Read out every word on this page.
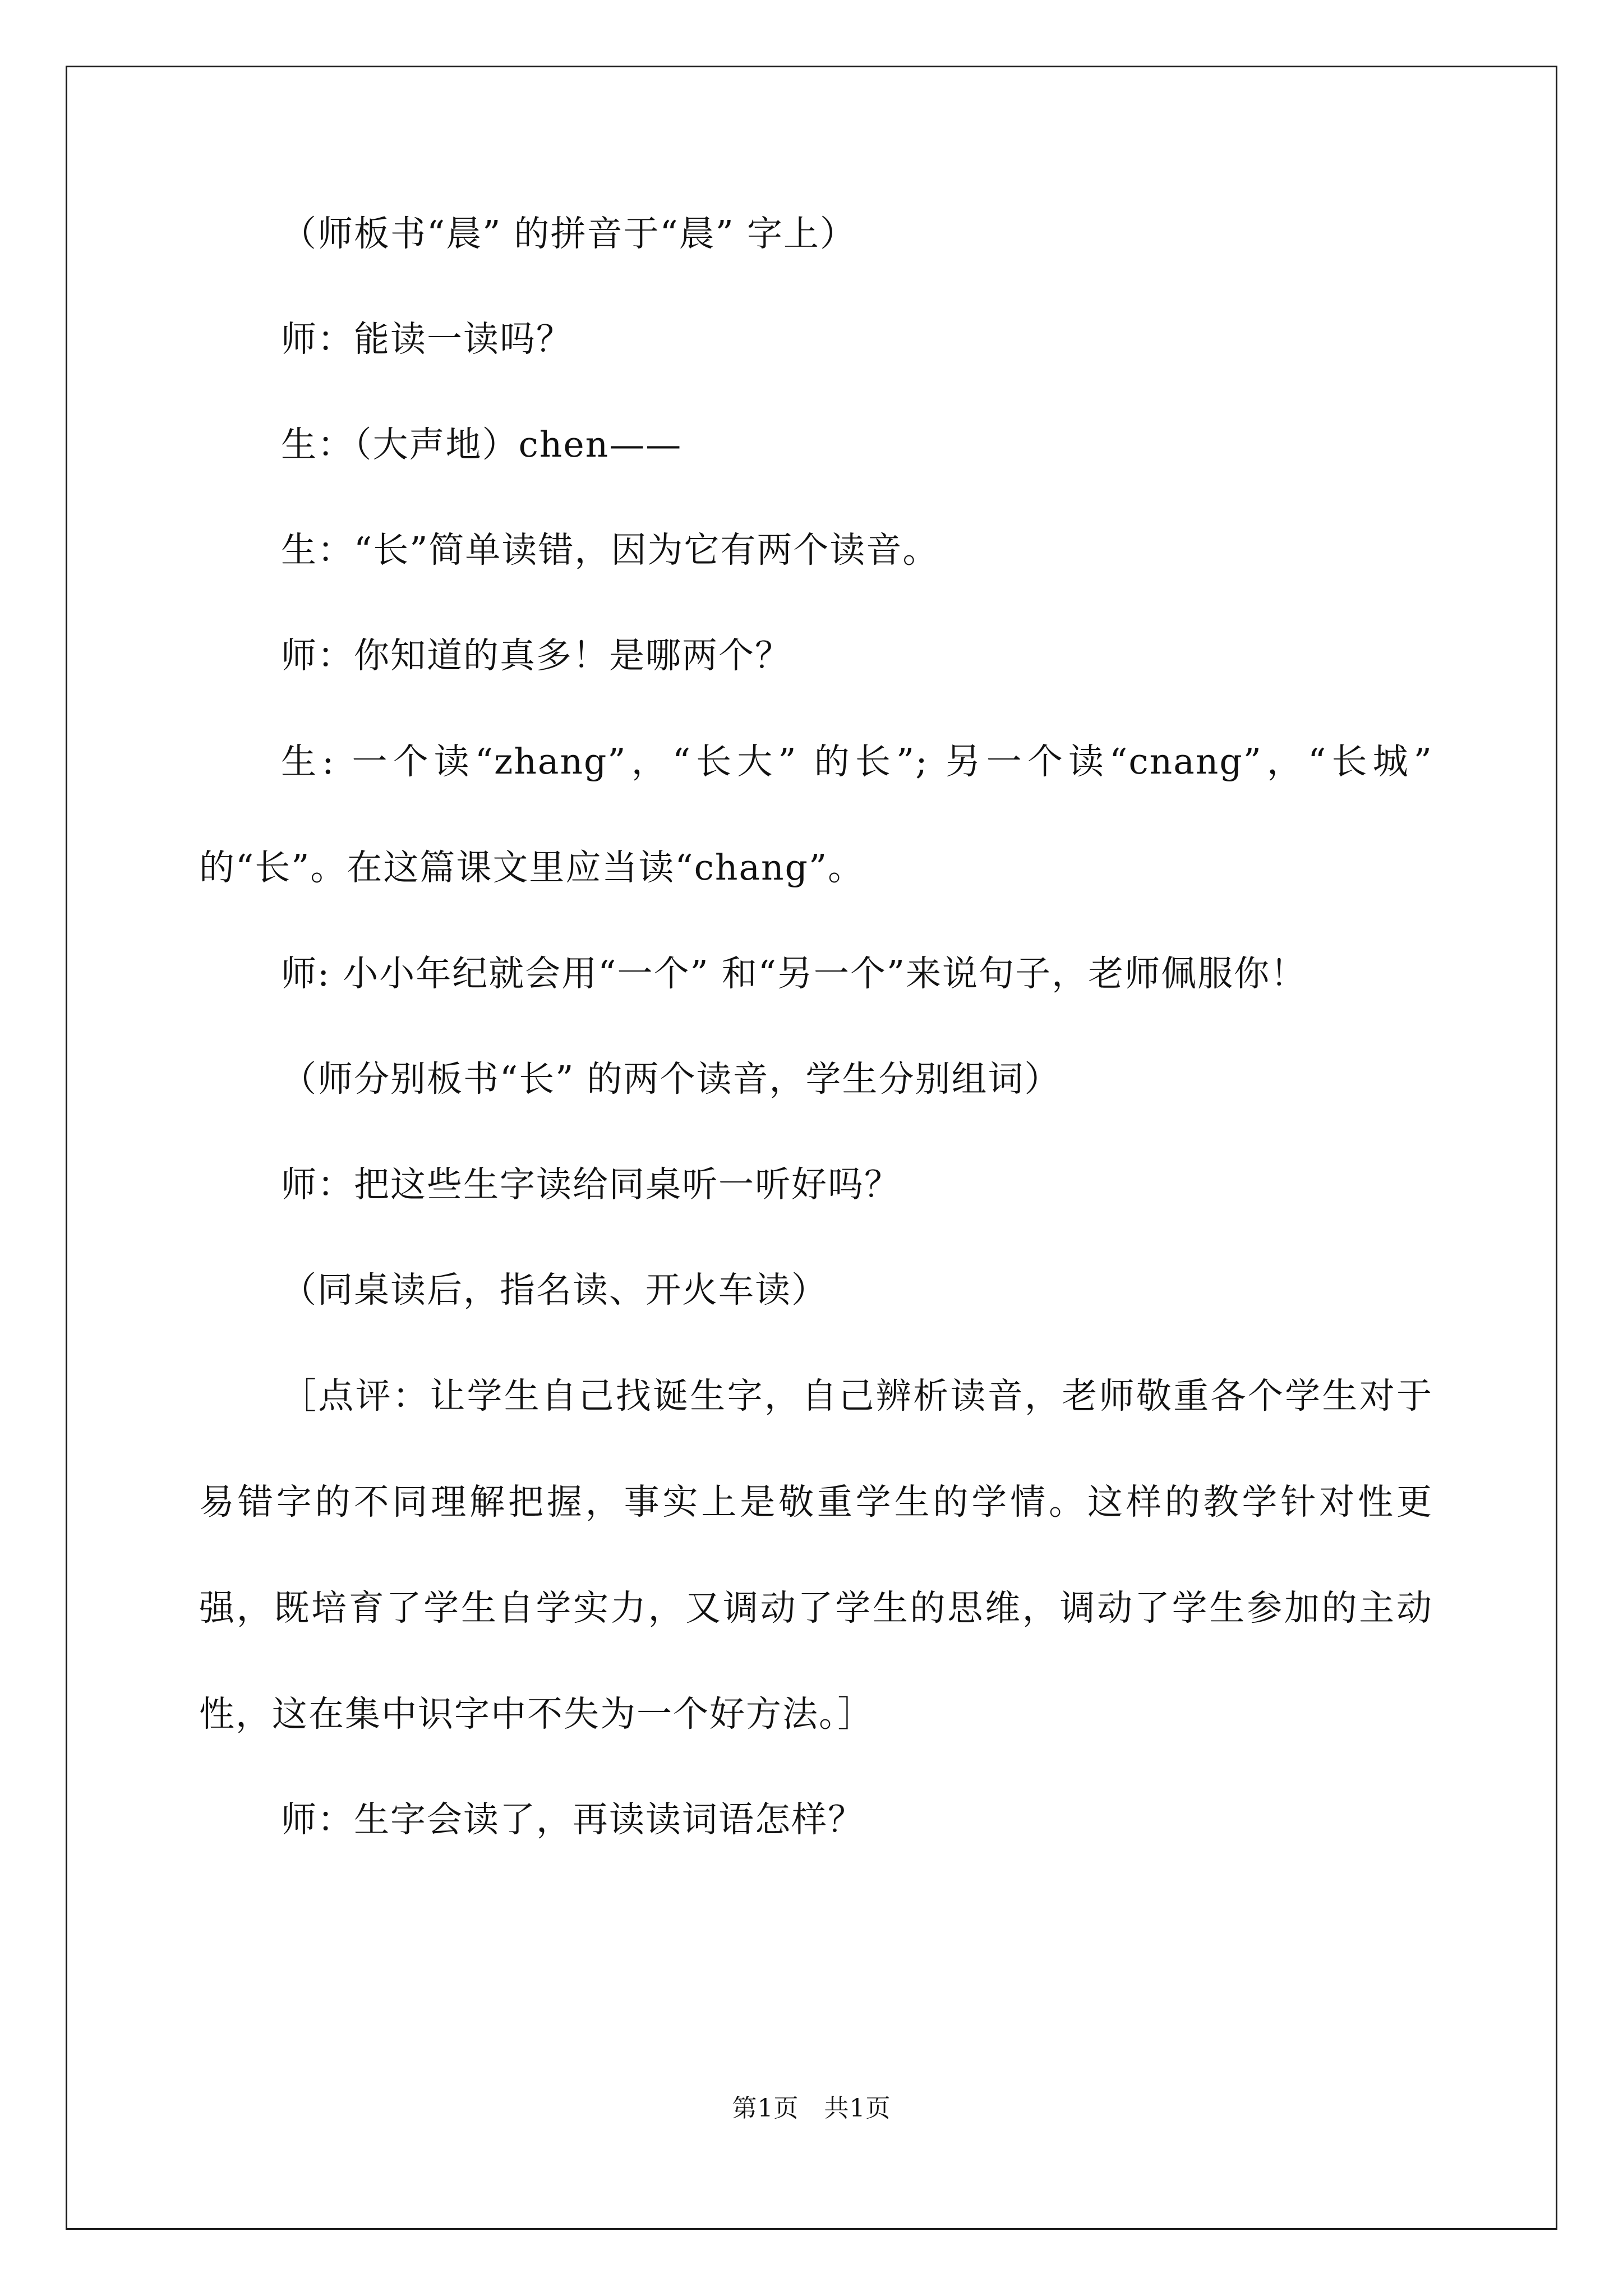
（师板书“晨” 的拼音于“晨” 字上）

师：能读一读吗？

生：（大声地）chen——

生：“长”简单读错，因为它有两个读音。

师：你知道的真多！是哪两个？

生: 一个读“zhang”，“长大” 的长”; 另一个读“cnang”，“长城” 的“长”。在这篇课文里应当读“chang”。

师: 小小年纪就会用“一个” 和“另一个”来说句子，老师佩服你！

（师分别板书“长” 的两个读音，学生分别组词）

师：把这些生字读给同桌听一听好吗？

（同桌读后，指名读、开火车读）

［点评：让学生自己找诞生字，自己辨析读音，老师敬重各个学生对于易错字的不同理解把握，事实上是敬重学生的学情。这样的教学针对性更强，既培育了学生自学实力，又调动了学生的思维，调动了学生参加的主动性，这在集中识字中不失为一个好方法。］

师：生字会读了，再读读词语怎样？

第1页　共1页
